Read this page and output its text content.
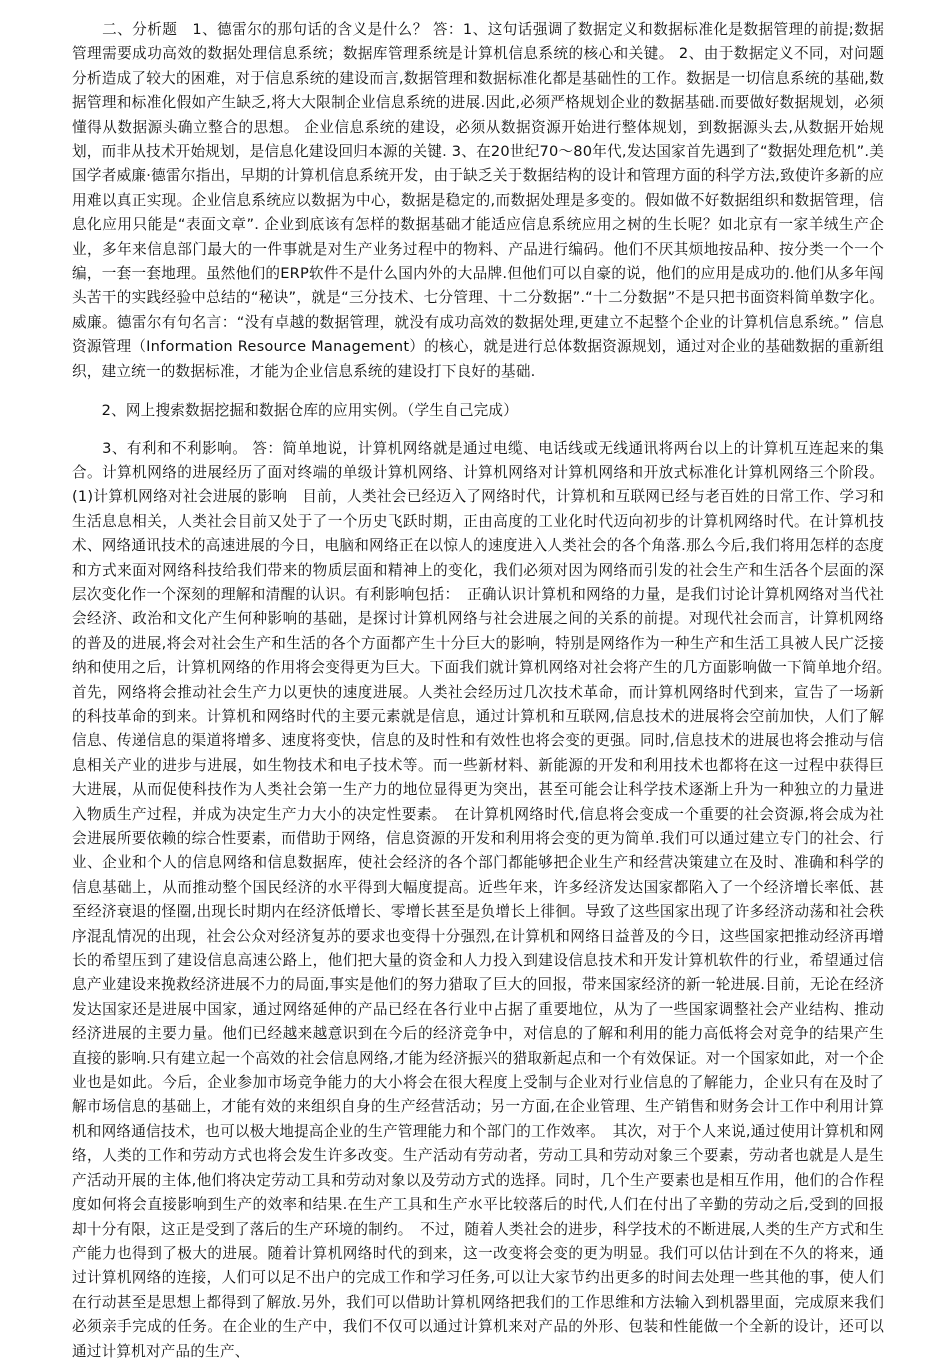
　　二、分析题　1、德雷尔的那句话的含义是什么？ 答：1、这句话强调了数据定义和数据标准化是数据管理的前提;数据管理需要成功高效的数据处理信息系统；数据库管理系统是计算机信息系统的核心和关键。 2、由于数据定义不同，对问题分析造成了较大的困难，对于信息系统的建设而言,数据管理和数据标准化都是基础性的工作。数据是一切信息系统的基础,数据管理和标准化假如产生缺乏,将大大限制企业信息系统的进展.因此,必须严格规划企业的数据基础.而要做好数据规划，必须懂得从数据源头确立整合的思想。 企业信息系统的建设，必须从数据资源开始进行整体规划，到数据源头去,从数据开始规划，而非从技术开始规划，是信息化建设回归本源的关键. 3、在20世纪70～80年代,发达国家首先遇到了“数据处理危机”.美国学者威廉·德雷尔指出，早期的计算机信息系统开发，由于缺乏关于数据结构的设计和管理方面的科学方法,致使许多新的应用难以真正实现。企业信息系统应以数据为中心，数据是稳定的,而数据处理是多变的。假如做不好数据组织和数据管理，信息化应用只能是“表面文章”. 企业到底该有怎样的数据基础才能适应信息系统应用之树的生长呢？如北京有一家羊绒生产企业，多年来信息部门最大的一件事就是对生产业务过程中的物料、产品进行编码。他们不厌其烦地按品种、按分类一个一个编，一套一套地理。虽然他们的ERP软件不是什么国内外的大品牌.但他们可以自豪的说，他们的应用是成功的.他们从多年闯头苦干的实践经验中总结的“秘诀”，就是“三分技术、七分管理、十二分数据”.“十二分数据”不是只把书面资料简单数字化。威廉。德雷尔有句名言：“没有卓越的数据管理，就没有成功高效的数据处理,更建立不起整个企业的计算机信息系统。” 信息资源管理（Information Resource Management）的核心，就是进行总体数据资源规划，通过对企业的基础数据的重新组织，建立统一的数据标准，才能为企业信息系统的建设打下良好的基础.

　　2、网上搜索数据挖掘和数据仓库的应用实例。（学生自己完成）

　　3、有利和不利影响。 答：简单地说，计算机网络就是通过电缆、电话线或无线通讯将两台以上的计算机互连起来的集合。计算机网络的进展经历了面对终端的单级计算机网络、计算机网络对计算机网络和开放式标准化计算机网络三个阶段。 (1)计算机网络对社会进展的影响　目前，人类社会已经迈入了网络时代，计算机和互联网已经与老百姓的日常工作、学习和生活息息相关，人类社会目前又处于了一个历史飞跃时期，正由高度的工业化时代迈向初步的计算机网络时代。在计算机技术、网络通讯技术的高速进展的今日，电脑和网络正在以惊人的速度进入人类社会的各个角落.那么今后,我们将用怎样的态度和方式来面对网络科技给我们带来的物质层面和精神上的变化，我们必须对因为网络而引发的社会生产和生活各个层面的深层次变化作一个深刻的理解和清醒的认识。有利影响包括：　正确认识计算机和网络的力量，是我们讨论计算机网络对当代社会经济、政治和文化产生何种影响的基础，是探讨计算机网络与社会进展之间的关系的前提。对现代社会而言，计算机网络的普及的进展,将会对社会生产和生活的各个方面都产生十分巨大的影响，特别是网络作为一种生产和生活工具被人民广泛接纳和使用之后，计算机网络的作用将会变得更为巨大。下面我们就计算机网络对社会将产生的几方面影响做一下简单地介绍。　首先，网络将会推动社会生产力以更快的速度进展。人类社会经历过几次技术革命，而计算机网络时代到来，宣告了一场新的科技革命的到来。计算机和网络时代的主要元素就是信息，通过计算机和互联网,信息技术的进展将会空前加快，人们了解信息、传递信息的渠道将增多、速度将变快，信息的及时性和有效性也将会变的更强。同时,信息技术的进展也将会推动与信息相关产业的进步与进展，如生物技术和电子技术等。而一些新材料、新能源的开发和利用技术也都将在这一过程中获得巨大进展，从而促使科技作为人类社会第一生产力的地位显得更为突出，甚至可能会让科学技术逐渐上升为一种独立的力量进入物质生产过程，并成为决定生产力大小的决定性要素。　在计算机网络时代,信息将会变成一个重要的社会资源,将会成为社会进展所要依赖的综合性要素，而借助于网络，信息资源的开发和利用将会变的更为简单.我们可以通过建立专门的社会、行业、企业和个人的信息网络和信息数据库，使社会经济的各个部门都能够把企业生产和经营决策建立在及时、准确和科学的信息基础上，从而推动整个国民经济的水平得到大幅度提高。近些年来，许多经济发达国家都陷入了一个经济增长率低、甚至经济衰退的怪圈,出现长时期内在经济低增长、零增长甚至是负增长上徘徊。导致了这些国家出现了许多经济动荡和社会秩序混乱情况的出现，社会公众对经济复苏的要求也变得十分强烈,在计算机和网络日益普及的今日，这些国家把推动经济再增长的希望压到了建设信息高速公路上，他们把大量的资金和人力投入到建设信息技术和开发计算机软件的行业，希望通过信息产业建设来挽救经济进展不力的局面,事实是他们的努力猎取了巨大的回报，带来国家经济的新一轮进展.目前，无论在经济发达国家还是进展中国家，通过网络延伸的产品已经在各行业中占据了重要地位，从为了一些国家调整社会产业结构、推动经济进展的主要力量。他们已经越来越意识到在今后的经济竞争中，对信息的了解和利用的能力高低将会对竞争的结果产生直接的影响.只有建立起一个高效的社会信息网络,才能为经济振兴的猎取新起点和一个有效保证。对一个国家如此，对一个企业也是如此。今后，企业参加市场竞争能力的大小将会在很大程度上受制与企业对行业信息的了解能力，企业只有在及时了解市场信息的基础上，才能有效的来组织自身的生产经营活动；另一方面,在企业管理、生产销售和财务会计工作中利用计算机和网络通信技术，也可以极大地提高企业的生产管理能力和个部门的工作效率。　其次，对于个人来说,通过使用计算机和网络，人类的工作和劳动方式也将会发生许多改变。生产活动有劳动者，劳动工具和劳动对象三个要素，劳动者也就是人是生产活动开展的主体,他们将决定劳动工具和劳动对象以及劳动方式的选择。同时，几个生产要素也是相互作用，他们的合作程度如何将会直接影响到生产的效率和结果.在生产工具和生产水平比较落后的时代,人们在付出了辛勤的劳动之后,受到的回报却十分有限，这正是受到了落后的生产环境的制约。　不过，随着人类社会的进步，科学技术的不断进展,人类的生产方式和生产能力也得到了极大的进展。随着计算机网络时代的到来，这一改变将会变的更为明显。我们可以估计到在不久的将来，通过计算机网络的连接，人们可以足不出户的完成工作和学习任务,可以让大家节约出更多的时间去处理一些其他的事，使人们在行动甚至是思想上都得到了解放.另外，我们可以借助计算机网络把我们的工作思维和方法输入到机器里面，完成原来我们必须亲手完成的任务。在企业的生产中，我们不仅可以通过计算机来对产品的外形、包装和性能做一个全新的设计，还可以通过计算机对产品的生产、
